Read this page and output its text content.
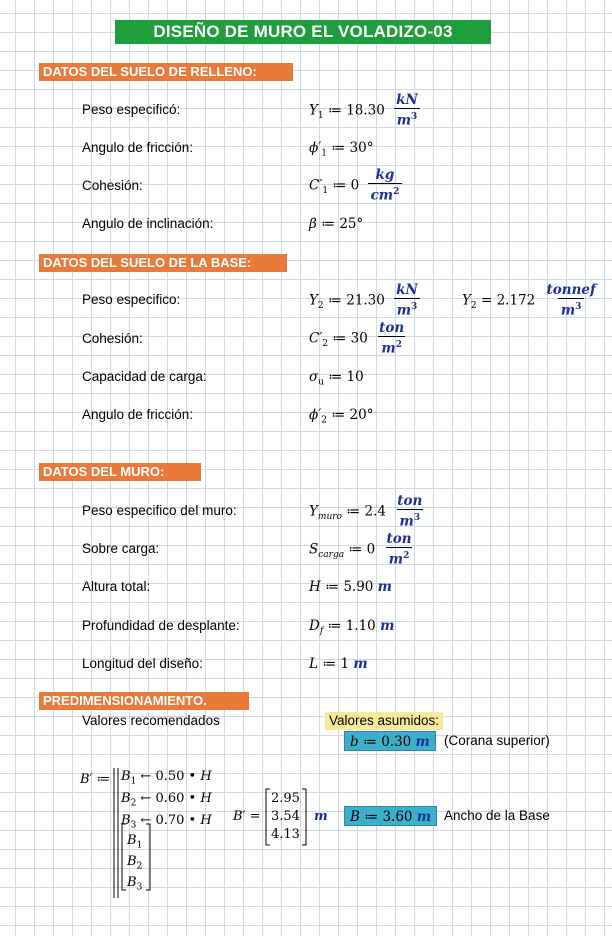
DISEÑO DE MURO EL VOLADIZO-03
DATOS DEL SUELO DE RELLENO:
Peso especificó:	$Y_1$ ≔ $18.30 \frac{kN}{m^3}$
Angulo de fricción:	$\phi'_1$ ≔ 30°
Cohesión:	$C'_1$ ≔ $0 \frac{kg}{cm^2}$
Angulo de inclinación:	β ≔ 25°
DATOS DEL SUELO DE LA BASE:
Peso especifico:	$Y_2$ ≔ $21.30 \frac{kN}{m^3}$	$Y_2 = 2.172 \frac{\text{tonnef}}{m^3}$
Cohesión:	$C'_2$ ≔ $30 \frac{\text{ton}}{m^2}$
Capacidad de carga:	$\sigma_u$ ≔ 10
Angulo de fricción:	$\phi'_2$ ≔ 20°
DATOS DEL MURO:
Peso especifico del muro:	$Y_{muro}$ ≔ $2.4 \frac{\text{ton}}{m^3}$
Sobre carga:	$S_{carga}$ ≔ $0 \frac{\text{ton}}{m^2}$
Altura total:	H ≔ 5.90 m
Profundidad de desplante:	$D_f$ ≔ 1.10 m
Longitud del diseño:	L ≔ 1 m
PREDIMENSIONAMIENTO.
Valores recomendados	Valores asumidos:
b ≔ 0.30 m	(Corana superior)
B′ ≔ $B_1$ ← 0.50 • H
$B_2$ ← 0.60 • H
$B_3$ ← 0.70 • H
$B_1$
$B_2$
$B_3$
B′ =
2.95
3.54
4.13
m	B ≔ 3.60 m Ancho de la Base
